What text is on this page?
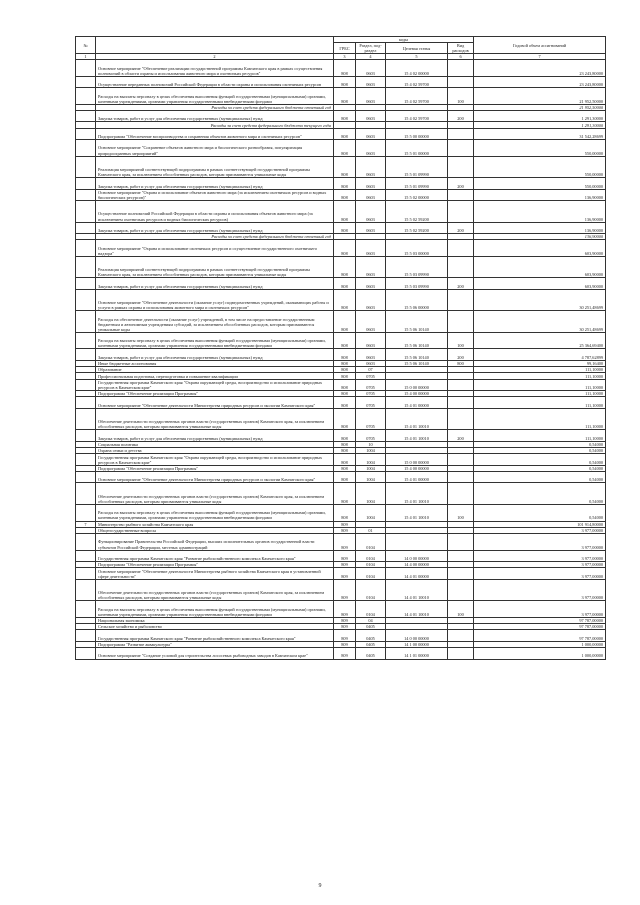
№		коды				Годовой объем ассигнований
		ГРБС	Раздел, под-раздел	Целевая статья	Вид расходов	
1	2	3	4	5	6	7
	Основное мероприятие "Обеспечение реализации государственной программы Камчатского края в рамках осуществления полномочий в области охраны и использования животного мира и охотничьих ресурсов"	808	0603	15 4 02 00000		23 243,80000
	Осуществление переданных полномочий Российской Федерации в области охраны и использования охотничьих ресурсов	808	0603	15 4 02 59700		23 243,80000
	Расходы на выплаты персоналу в целях обеспечения выполнения функций государственными (муниципальными) органами, казенными учреждениями, органами управления государственными внебюджетными фондами	808	0603	15 4 02 59700	100	21 952,50000
	Расходы за счет средств федерального бюджета отчетный год					21 952,50000
	Закупка товаров, работ и услуг для обеспечения государственных (муниципальных) нужд	808	0603	15 4 02 59700	200	1 291,30000
	Расходы за счет средств федерального бюджета текущего года					1 291,30000
	Подпрограмма "Обеспечение воспроизводства и сохранения объектов животного мира и охотничьих ресурсов"	808	0603	15 5 00 00000		31 542,28699
	Основное мероприятие "Сохранение объектов животного мира и биологического разнообразия, популяризация природоохранных мероприятий"	808	0603	15 5 01 00000		550,00000
	Реализация мероприятий соответствующей подпрограммы в рамках соответствующей государственной программы Камчатского края, за исключением обособленных расходов, которым присваиваются уникальные коды	808	0603	15 5 01 09990		550,00000
	Закупка товаров, работ и услуг для обеспечения государственных (муниципальных) нужд	808	0603	15 5 01 09990	200	550,00000
	Основное мероприятие "Охрана и использование объектов животного мира (за исключением охотничьих ресурсов и водных биологических ресурсов)"	808	0603	15 5 02 00000		136,90000
	Осуществление полномочий Российской Федерации в области охраны и использования объектов животного мира (за исключением охотничьих ресурсов и водных биологических ресурсов)	808	0603	15 5 02 59200		136,90000
	Закупка товаров, работ и услуг для обеспечения государственных (муниципальных) нужд	808	0603	15 5 02 59200	200	136,90000
	Расходы за счет средств федерального бюджета отчетный год					136,90000
	Основное мероприятие "Охрана и использование охотничьих ресурсов и осуществление государственного охотничьего надзора"	808	0603	15 5 03 00000		603,90000
	Реализация мероприятий соответствующей подпрограммы в рамках соответствующей государственной программы Камчатского края, за исключением обособленных расходов, которым присваиваются уникальные коды	808	0603	15 5 03 09990		603,90000
	Закупка товаров, работ и услуг для обеспечения государственных (муниципальных) нужд	808	0603	15 5 03 09990	200	603,90000
	Основное мероприятие "Обеспечение деятельности (оказание услуг) подведомственных учреждений, оказывающих работы и услуги в рамках охраны и использования животного мира и охотничьих ресурсов"	808	0603	15 5 06 00000		30 251,48699
	Расходы на обеспечение деятельности (оказание услуг) учреждений, в том числе на предоставление государственным бюджетным и автономным учреждениям субсидий, за исключением обособленных расходов, которым присваиваются уникальные коды	808	0603	15 5 06 10140		30 251,48699
	Расходы на выплаты персоналу в целях обеспечения выполнения функций государственными (муниципальными) органами, казенными учреждениями, органами управления государственными внебюджетными фондами	808	0603	15 5 06 10140	100	25 364,69400
	Закупка товаров, работ и услуг для обеспечения государственных (муниципальных) нужд	808	0603	15 5 06 10140	200	4 787,62899
	Иные бюджетные ассигнования	808	0603	15 5 06 10140	800	99,16400
	Образование	808	07			111,10000
	Профессиональная подготовка, переподготовка и повышение квалификации	808	0705			111,10000
	Государственная программа Камчатского края "Охрана окружающей среды, воспроизводство и использование природных ресурсов в Камчатском крае"	808	0705	15 0 00 00000		111,10000
	Подпрограмма "Обеспечение реализации Программы"	808	0705	15 4 00 00000		111,10000
	Основное мероприятие "Обеспечение деятельности Министерства природных ресурсов и экологии Камчатского края"	808	0705	15 4 01 00000		111,10000
	Обеспечение деятельности государственных органов власти (государственных органов) Камчатского края, за исключением обособленных расходов, которым присваиваются уникальные коды	808	0705	15 4 01 10010		111,10000
	Закупка товаров, работ и услуг для обеспечения государственных (муниципальных) нужд	808	0705	15 4 01 10010	200	111,10000
	Социальная политика	808	10			0,54000
	Охрана семьи и детства	808	1004			0,54000
	Государственная программа Камчатского края "Охрана окружающей среды, воспроизводство и использование природных ресурсов в Камчатском крае"	808	1004	15 0 00 00000		0,54000
	Подпрограмма "Обеспечение реализации Программы"	808	1004	15 4 00 00000		0,54000
	Основное мероприятие "Обеспечение деятельности Министерства природных ресурсов и экологии Камчатского края"	808	1004	15 4 01 00000		0,54000
	Обеспечение деятельности государственных органов власти (государственных органов) Камчатского края, за исключением обособленных расходов, которым присваиваются уникальные коды	808	1004	15 4 01 10010		0,54000
	Расходы на выплаты персоналу в целях обеспечения выполнения функций государственными (муниципальными) органами, казенными учреждениями, органами управления государственными внебюджетными фондами	808	1004	15 4 01 10010	100	0,54000
7	Министерство рыбного хозяйства Камчатского края	809				101 914,80000
	Общегосударственные вопросы	809	01			3 977,00000
	Функционирование Правительства Российской Федерации, высших исполнительных органов государственной власти субъектов Российской Федерации, местных администраций	809	0104			3 977,00000
	Государственная программа Камчатского края "Развитие рыбохозяйственного комплекса Камчатского края"	809	0104	14 0 00 00000		3 977,00000
	Подпрограмма "Обеспечение реализации Программы"	809	0104	14 4 00 00000		3 977,00000
	Основное мероприятие "Обеспечение деятельности Министерства рыбного хозяйства Камчатского края в установленной сфере деятельности"	809	0104	14 4 01 00000		3 977,00000
	Обеспечение деятельности государственных органов власти (государственных органов) Камчатского края, за исключением обособленных расходов, которым присваиваются уникальные коды	809	0104	14 4 01 10010		3 977,00000
	Расходы на выплаты персоналу в целях обеспечения выполнения функций государственными (муниципальными) органами, казенными учреждениями, органами управления государственными внебюджетными фондами	809	0104	14 4 01 10010	100	3 977,00000
	Национальная экономика	809	04			97 787,00000
	Сельское хозяйство и рыболовство	809	0405			97 787,00000
	Государственная программа Камчатского края "Развитие рыбохозяйственного комплекса Камчатского края"	809	0405	14 0 00 00000		97 787,00000
	Подпрограмма "Развитие аквакультуры"	809	0405	14 1 00 00000		1 000,00000
	Основное мероприятие "Создание условий для строительства лососевых рыбоводных заводов в Камчатском крае"	809	0405	14 1 01 00000		1 000,00000
9
